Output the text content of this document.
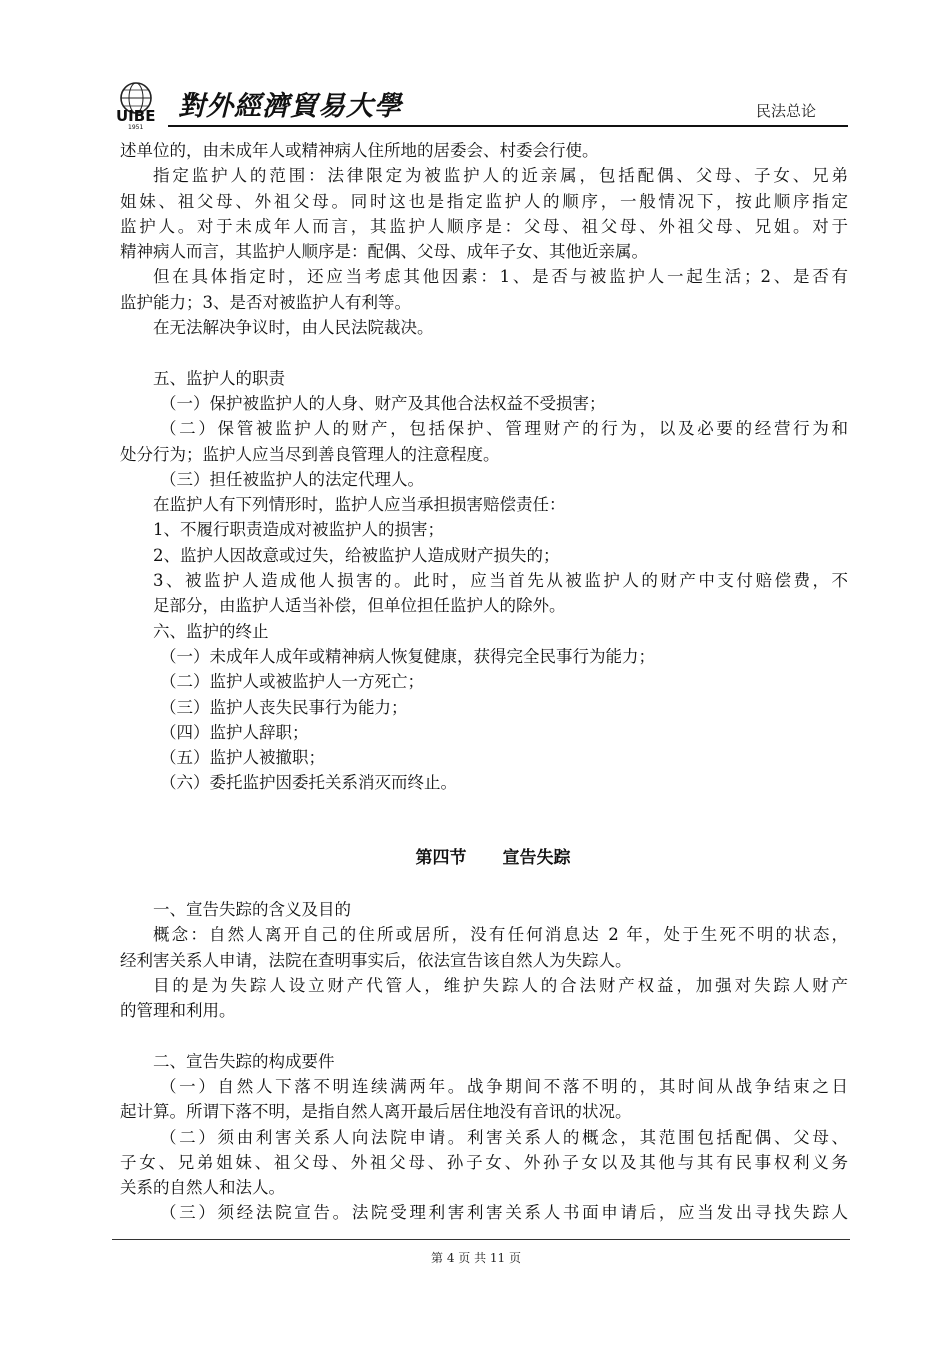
UIBE
1951
對外經濟貿易大學	民法总论
述单位的，由未成年人或精神病人住所地的居委会、村委会行使。
指定监护人的范围：法律限定为被监护人的近亲属，包括配偶、父母、子女、兄弟
姐妹、祖父母、外祖父母。同时这也是指定监护人的顺序，一般情况下，按此顺序指定
监护人。对于未成年人而言，其监护人顺序是：父母、祖父母、外祖父母、兄姐。对于
精神病人而言，其监护人顺序是：配偶、父母、成年子女、其他近亲属。
但在具体指定时，还应当考虑其他因素：1、是否与被监护人一起生活；2、是否有
监护能力；3、是否对被监护人有利等。
在无法解决争议时，由人民法院裁决。
五、监护人的职责
（一）保护被监护人的人身、财产及其他合法权益不受损害；
（二）保管被监护人的财产，包括保护、管理财产的行为，以及必要的经营行为和
处分行为；监护人应当尽到善良管理人的注意程度。
（三）担任被监护人的法定代理人。
在监护人有下列情形时，监护人应当承担损害赔偿责任：
1、不履行职责造成对被监护人的损害；
2、监护人因故意或过失，给被监护人造成财产损失的；
3、被监护人造成他人损害的。此时，应当首先从被监护人的财产中支付赔偿费，不
足部分，由监护人适当补偿，但单位担任监护人的除外。
六、监护的终止
（一）未成年人成年或精神病人恢复健康，获得完全民事行为能力；
（二）监护人或被监护人一方死亡；
（三）监护人丧失民事行为能力；
（四）监护人辞职；
（五）监护人被撤职；
（六）委托监护因委托关系消灭而终止。
第四节 宣告失踪
一、宣告失踪的含义及目的
概念：自然人离开自己的住所或居所，没有任何消息达 2 年，处于生死不明的状态，
经利害关系人申请，法院在查明事实后，依法宣告该自然人为失踪人。
目的是为失踪人设立财产代管人，维护失踪人的合法财产权益，加强对失踪人财产
的管理和利用。
二、宣告失踪的构成要件
（一）自然人下落不明连续满两年。战争期间不落不明的，其时间从战争结束之日
起计算。所谓下落不明，是指自然人离开最后居住地没有音讯的状况。
（二）须由利害关系人向法院申请。利害关系人的概念，其范围包括配偶、父母、
子女、兄弟姐妹、祖父母、外祖父母、孙子女、外孙子女以及其他与其有民事权利义务
关系的自然人和法人。
（三）须经法院宣告。法院受理利害利害关系人书面申请后，应当发出寻找失踪人
第 4 页 共 11 页
